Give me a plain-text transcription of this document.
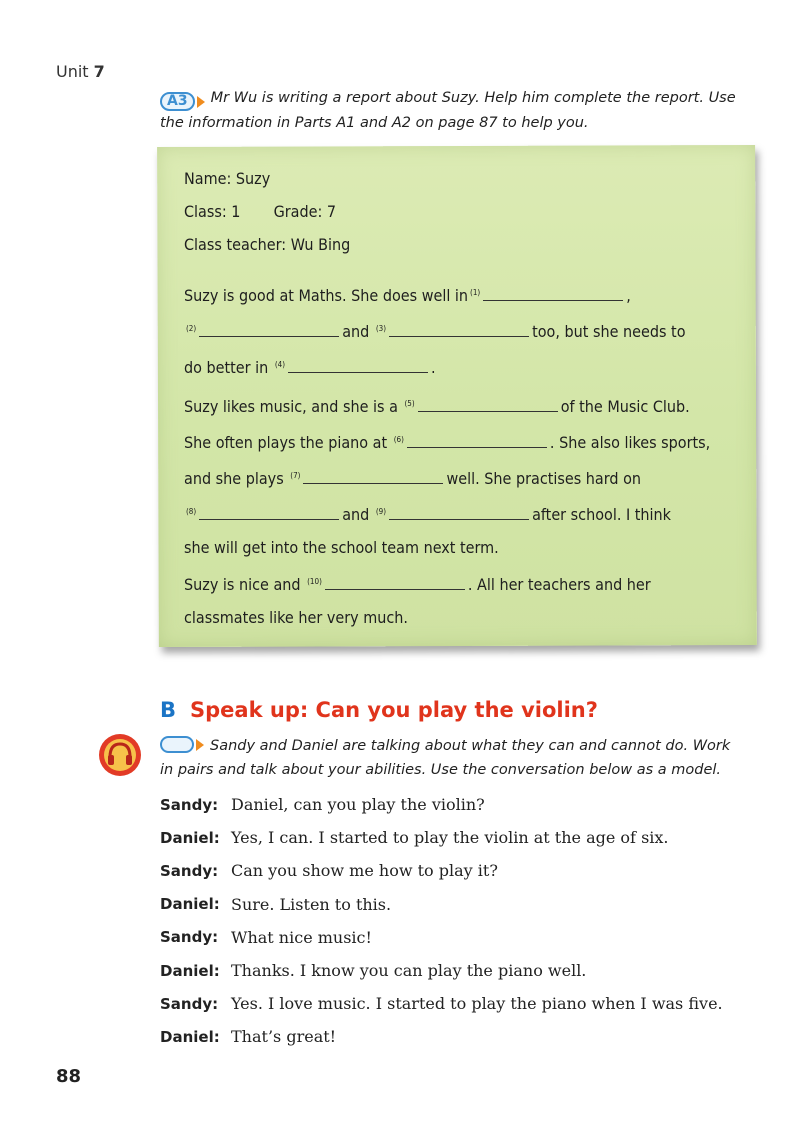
Unit 7
A3	Mr Wu is writing a report about Suzy. Help him complete the report. Use
the information in Parts A1 and A2 on page 87 to help you.
Name: Suzy
Class: 1 Grade: 7
Class teacher: Wu Bing
Suzy is good at Maths. She does well in $^{(1)}$	,
$^{(2)}$	and $^{(3)}$	too, but she needs to
do better in $^{(4)}$	.
Suzy likes music, and she is a $^{(5)}$	of the Music Club.
She often plays the piano at $^{(6)}$	. She also likes sports,
and she plays $^{(7)}$	well. She practises hard on
$^{(8)}$	and $^{(9)}$	after school. I think
she will get into the school team next term.
Suzy is nice and $^{(10)}$	. All her teachers and her
classmates like her very much.
B Speak up: Can you play the violin?
Sandy and Daniel are talking about what they can and cannot do. Work
in pairs and talk about your abilities. Use the conversation below as a model.
Sandy: Daniel, can you play the violin?
Daniel: Yes, I can. I started to play the violin at the age of six.
Sandy: Can you show me how to play it?
Daniel: Sure. Listen to this.
Sandy: What nice music!
Daniel: Thanks. I know you can play the piano well.
Sandy: Yes. I love music. I started to play the piano when I was five.
Daniel: That’s great!
88
